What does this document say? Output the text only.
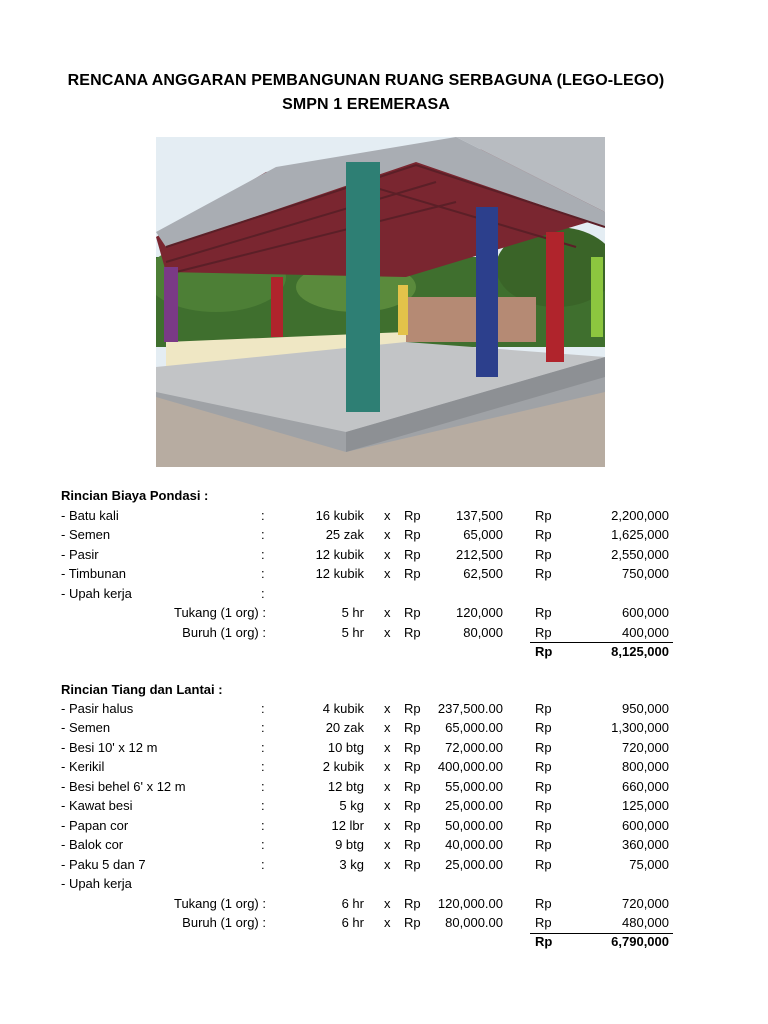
RENCANA ANGGARAN PEMBANGUNAN RUANG SERBAGUNA (LEGO-LEGO)
SMPN 1 EREMERASA
Rincian Biaya Pondasi :
- Batu kali	:	16 kubik x Rp	137,500 Rp	2,200,000
- Semen	:	25 zak x Rp	65,000 Rp	1,625,000
- Pasir	:	12 kubik x Rp	212,500 Rp	2,550,000
- Timbunan	:	12 kubik x Rp	62,500 Rp	750,000
- Upah kerja	:
Tukang (1 org) :	5 hr x Rp	120,000 Rp	600,000
Buruh (1 org) :	5 hr x Rp	80,000 Rp	400,000
Rp	8,125,000
Rincian Tiang dan Lantai :
- Pasir halus	:	4 kubik x Rp	237,500.00 Rp	950,000
- Semen	:	20 zak x Rp	65,000.00 Rp	1,300,000
- Besi 10' x 12 m	:	10 btg x Rp	72,000.00 Rp	720,000
- Kerikil	:	2 kubik x Rp	400,000.00 Rp	800,000
- Besi behel 6' x 12 m	:	12 btg x Rp	55,000.00 Rp	660,000
- Kawat besi	:	5 kg x Rp	25,000.00 Rp	125,000
- Papan cor	:	12 lbr x Rp	50,000.00 Rp	600,000
- Balok cor	:	9 btg x Rp	40,000.00 Rp	360,000
- Paku 5 dan 7	:	3 kg x Rp	25,000.00 Rp	75,000
- Upah kerja
Tukang (1 org) :	6 hr x Rp	120,000.00 Rp	720,000
Buruh (1 org) :	6 hr x Rp	80,000.00 Rp	480,000
Rp	6,790,000
